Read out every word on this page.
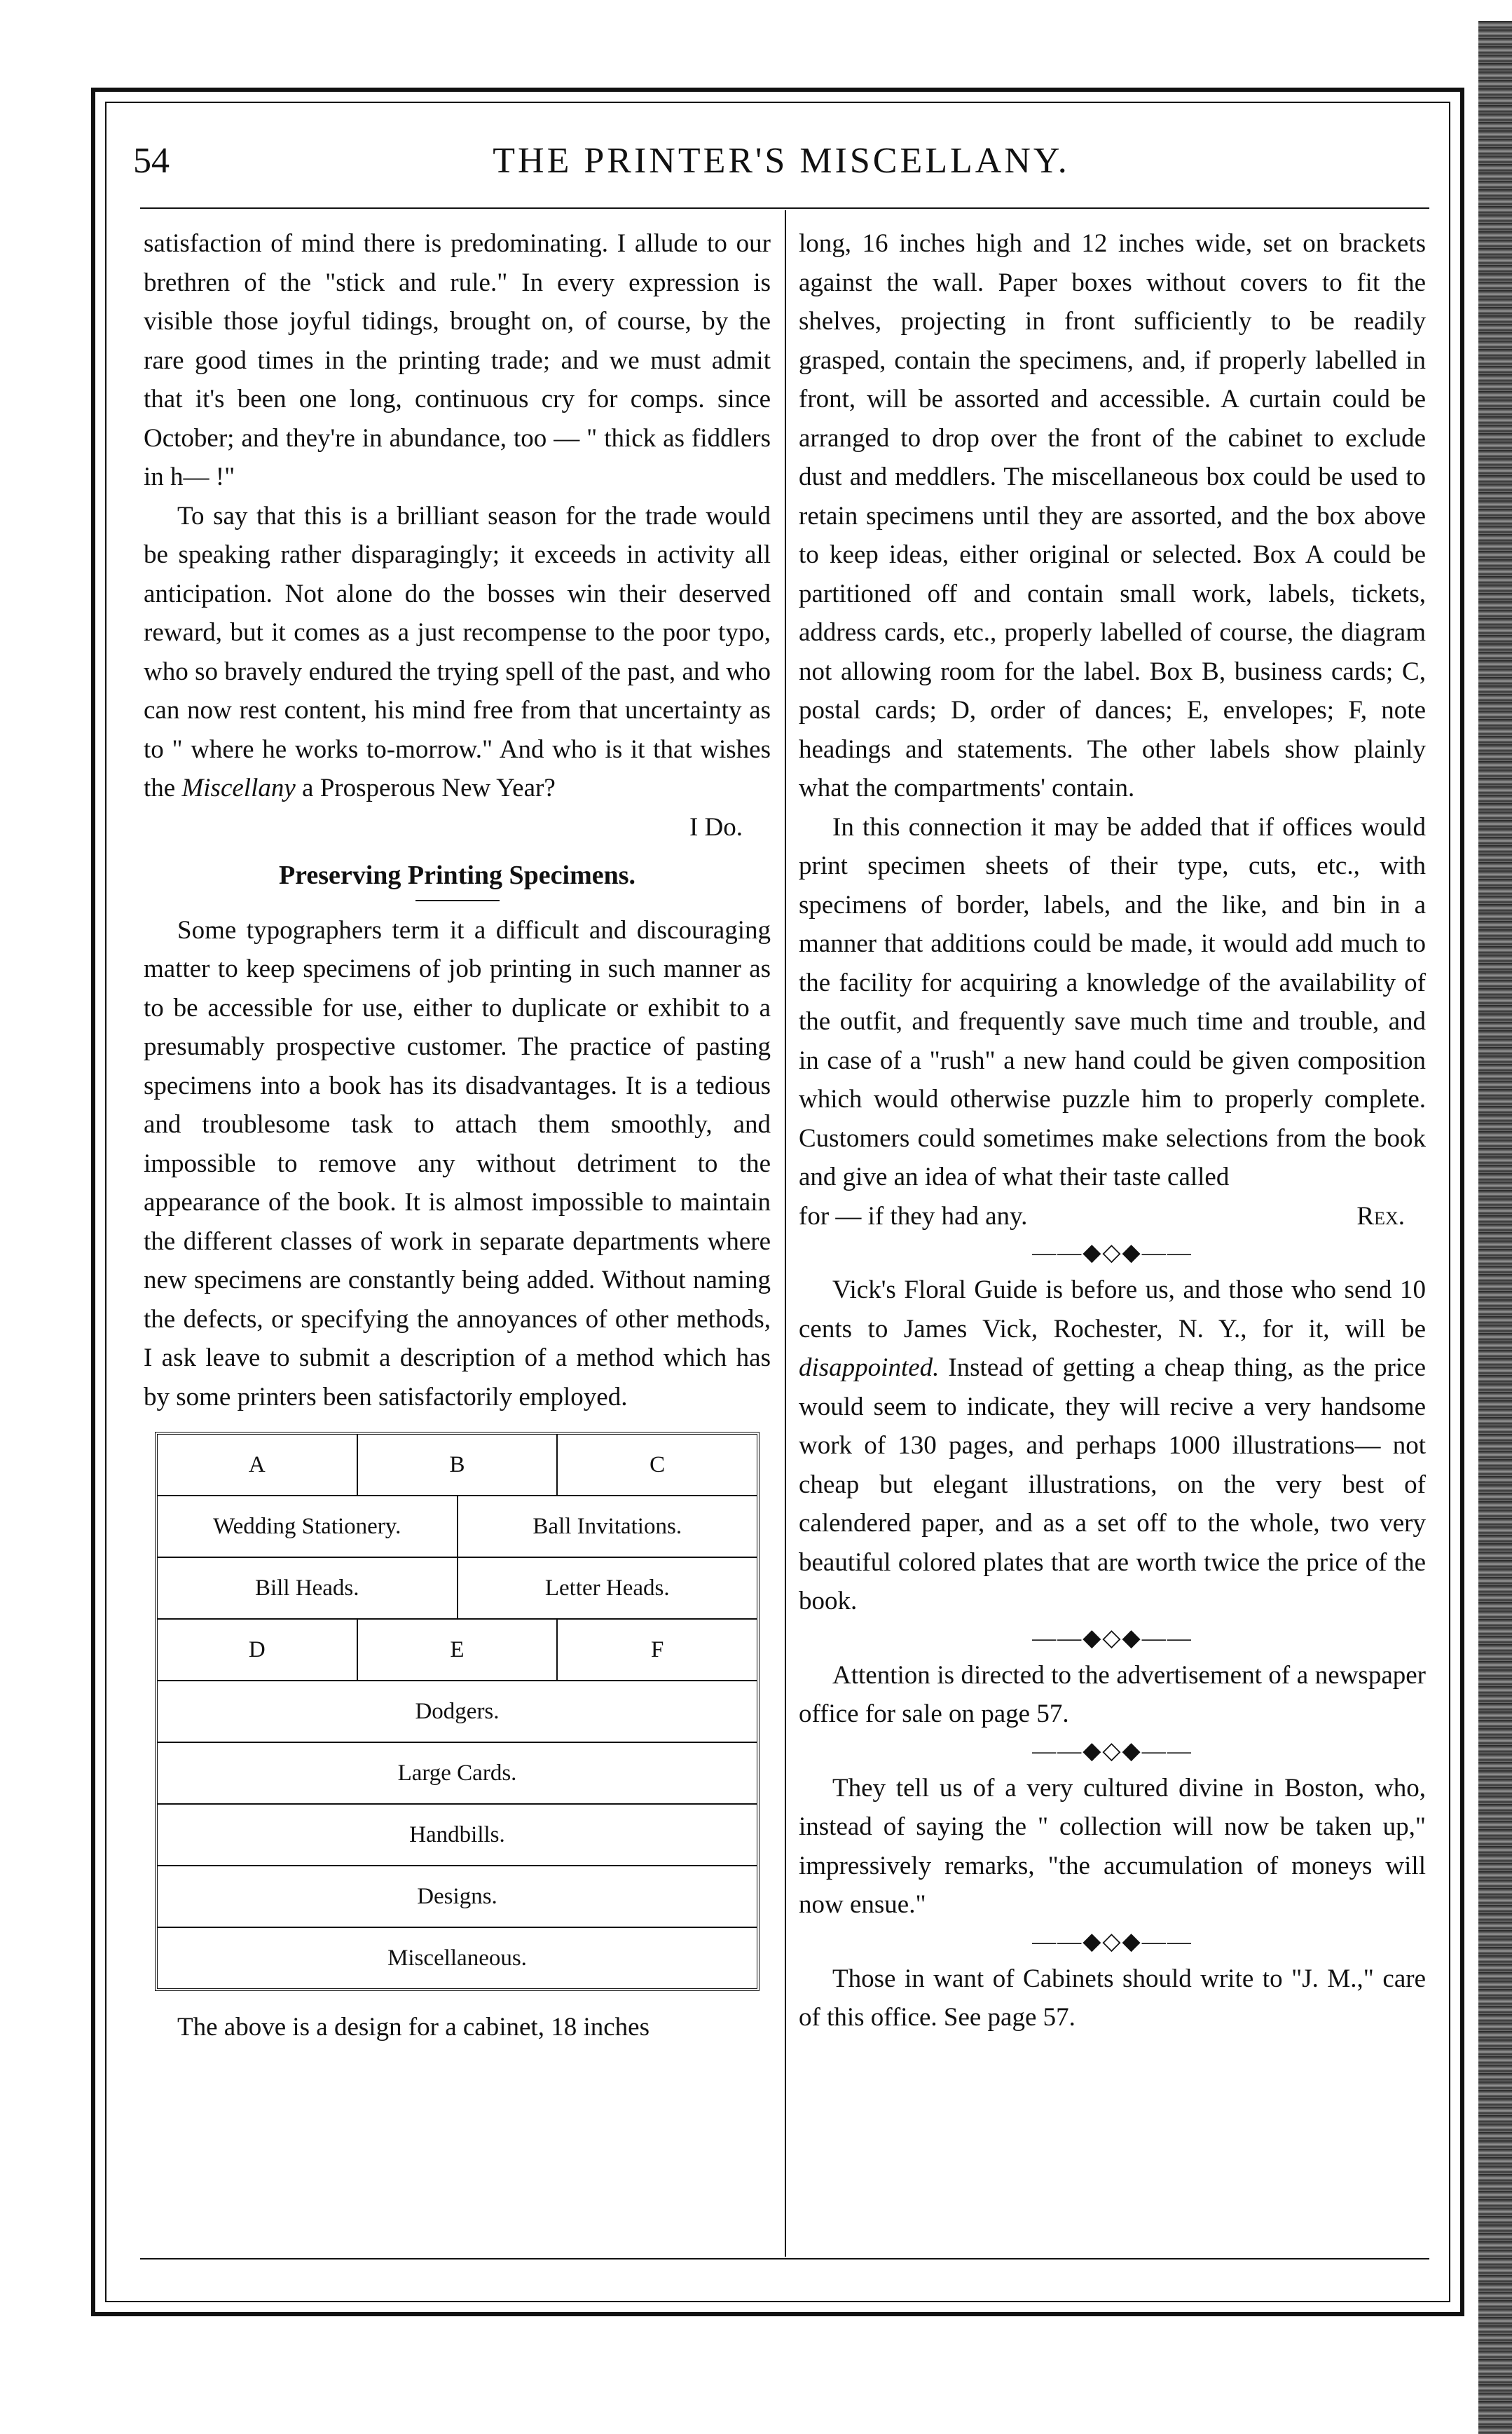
54	THE PRINTER'S MISCELLANY.

satisfaction of mind there is predominating. I allude to our brethren of the "stick and rule." In every expression is visible those joyful tidings, brought on, of course, by the rare good times in the printing trade; and we must admit that it's been one long, continuous cry for comps. since October; and they're in abundance, too — " thick as fiddlers in h— !"

To say that this is a brilliant season for the trade would be speaking rather disparagingly; it exceeds in activity all anticipation. Not alone do the bosses win their deserved reward, but it comes as a just recompense to the poor typo, who so bravely endured the trying spell of the past, and who can now rest content, his mind free from that uncertainty as to " where he works to-morrow." And who is it that wishes the Miscellany a Prosperous New Year?

I Do.

Preserving Printing Specimens.

Some typographers term it a difficult and discouraging matter to keep specimens of job printing in such manner as to be accessible for use, either to duplicate or exhibit to a presumably prospective customer. The practice of pasting specimens into a book has its disadvantages. It is a tedious and troublesome task to attach them smoothly, and impossible to remove any without detriment to the appearance of the book. It is almost impossible to maintain the different classes of work in separate departments where new specimens are constantly being added. Without naming the defects, or specifying the annoyances of other methods, I ask leave to submit a description of a method which has by some printers been satisfactorily employed.

A	B	C
Wedding Stationery.	Ball Invitations.
Bill Heads.	Letter Heads.
D	E	F
Dodgers.
Large Cards.
Handbills.
Designs.
Miscellaneous.

The above is a design for a cabinet, 18 inches

long, 16 inches high and 12 inches wide, set on brackets against the wall. Paper boxes without covers to fit the shelves, projecting in front sufficiently to be readily grasped, contain the specimens, and, if properly labelled in front, will be assorted and accessible. A curtain could be arranged to drop over the front of the cabinet to exclude dust and meddlers. The miscellaneous box could be used to retain specimens until they are assorted, and the box above to keep ideas, either original or selected. Box A could be partitioned off and contain small work, labels, tickets, address cards, etc., properly labelled of course, the diagram not allowing room for the label. Box B, business cards; C, postal cards; D, order of dances; E, envelopes; F, note headings and statements. The other labels show plainly what the compartments' contain.

In this connection it may be added that if offices would print specimen sheets of their type, cuts, etc., with specimens of border, labels, and the like, and bin in a manner that additions could be made, it would add much to the facility for acquiring a knowledge of the availability of the outfit, and frequently save much time and trouble, and in case of a "rush" a new hand could be given composition which would otherwise puzzle him to properly complete. Customers could sometimes make selections from the book and give an idea of what their taste called

for — if they had any.	Rex.

——◆◇◆——

Vick's Floral Guide is before us, and those who send 10 cents to James Vick, Rochester, N. Y., for it, will be disappointed. Instead of getting a cheap thing, as the price would seem to indicate, they will recive a very handsome work of 130 pages, and perhaps 1000 illustrations— not cheap but elegant illustrations, on the very best of calendered paper, and as a set off to the whole, two very beautiful colored plates that are worth twice the price of the book.

——◆◇◆——

Attention is directed to the advertisement of a newspaper office for sale on page 57.

——◆◇◆——

They tell us of a very cultured divine in Boston, who, instead of saying the " collection will now be taken up," impressively remarks, "the accumulation of moneys will now ensue."

——◆◇◆——

Those in want of Cabinets should write to "J. M.," care of this office. See page 57.
